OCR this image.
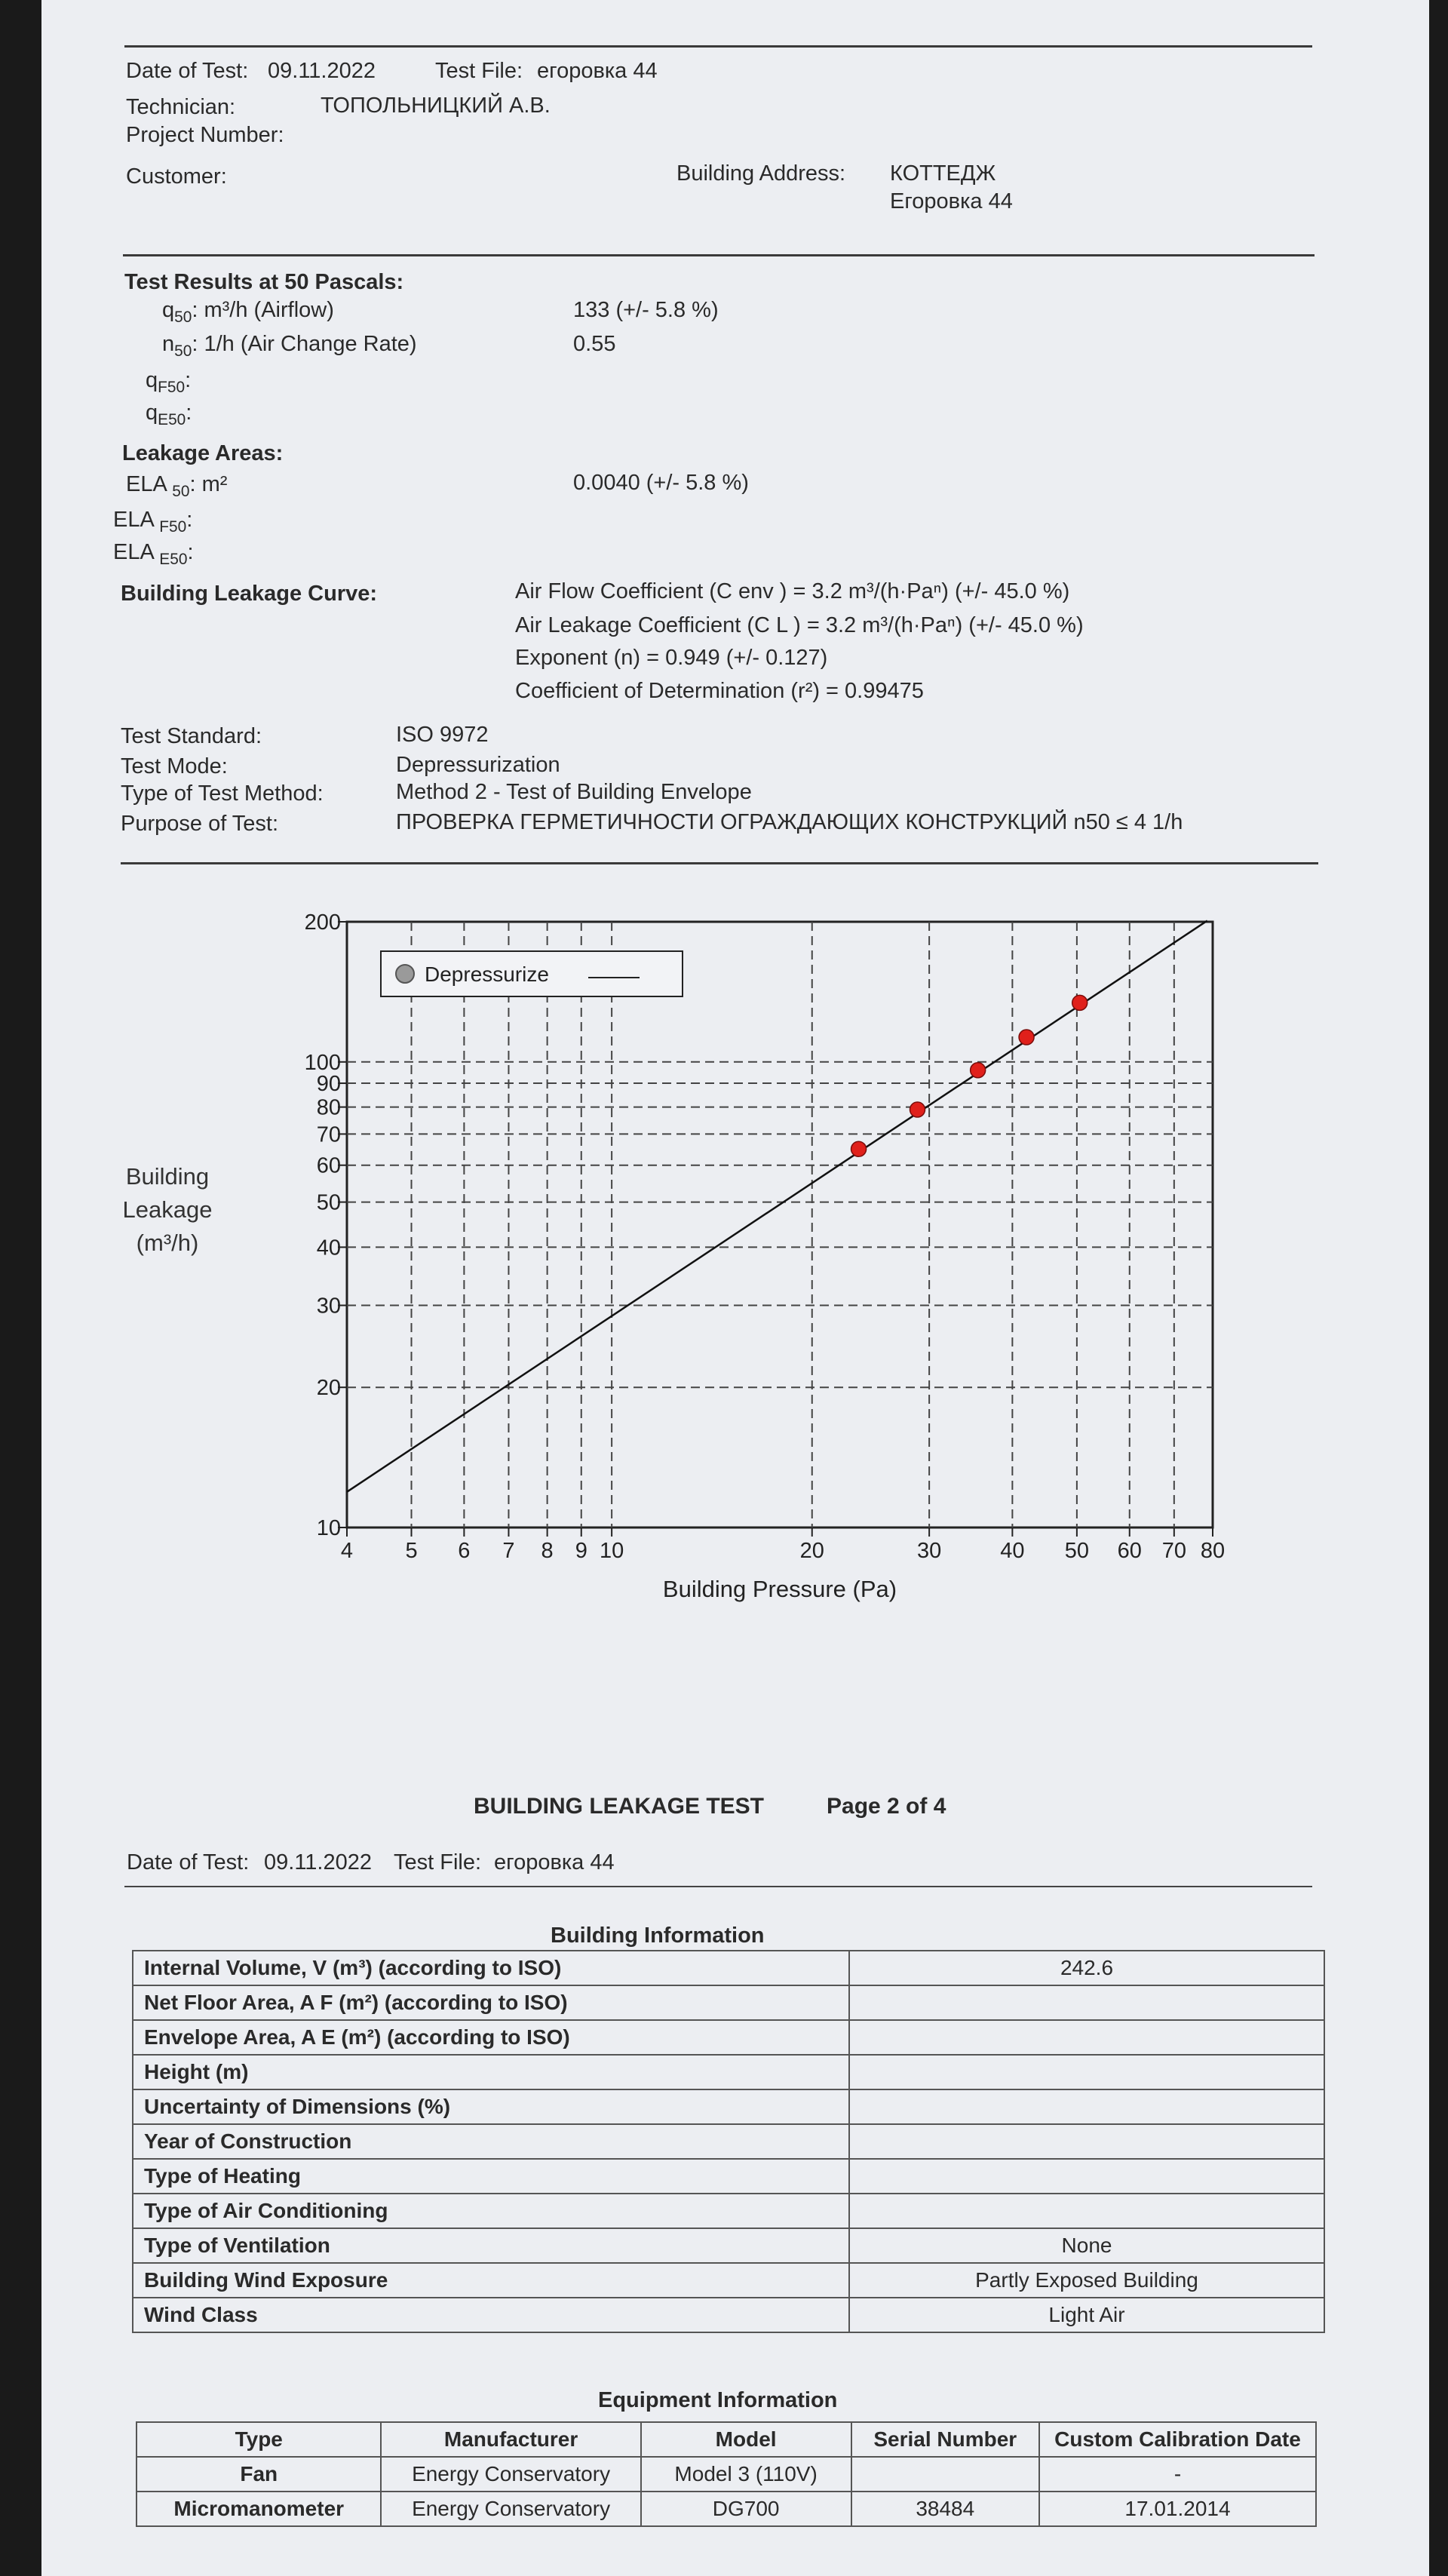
Date of Test: 09.11.2022	Test File: егоровка 44
Technician:	ТОПОЛЬНИЦКИЙ А.В.
Project Number:
Customer:	Building Address: КОТТЕДЖ
Егоровка 44
Test Results at 50 Pascals:
$q_{50}$: m³/h (Airflow)	133 (+/- 5.8 %)
$n_{50}$: 1/h (Air Change Rate)	0.55
$q_{F50}$:
$q_{E50}$:
Leakage Areas:
ELA $_{50}$: m²	0.0040 (+/- 5.8 %)
ELA $_{F50}$:
ELA $_{E50}$:
Building Leakage Curve:	Air Flow Coefficient (C env ) = 3.2 m³/(h·Paⁿ) (+/- 45.0 %)
Air Leakage Coefficient (C L ) = 3.2 m³/(h·Paⁿ) (+/- 45.0 %)
Exponent (n) = 0.949 (+/- 0.127)
Coefficient of Determination (r²) = 0.99475
Test Standard:	ISO 9972
Test Mode:	Depressurization
Type of Test Method:	Method 2 - Test of Building Envelope
Purpose of Test:	ПРОВЕРКА ГЕРМЕТИЧНОСТИ ОГРАЖДАЮЩИХ КОНСТРУКЦИЙ n50 ≤ 4 1/h
4 5 6 7 8 9 10	20	30	40 50 60 70 80
10
20
30
40
50
60
70
80
90
100
200
Depressurize
Building Pressure (Pa)
Building
Leakage
(m³/h)
BUILDING LEAKAGE TEST	Page 2 of 4
Date of Test: 09.11.2022 Test File: егоровка 44
Building Information
Internal Volume, V (m³) (according to ISO)	242.6
Net Floor Area, A F (m²) (according to ISO)	
Envelope Area, A E (m²) (according to ISO)	
Height (m)	
Uncertainty of Dimensions (%)	
Year of Construction	
Type of Heating	
Type of Air Conditioning	
Type of Ventilation	None
Building Wind Exposure	Partly Exposed Building
Wind Class	Light Air
Equipment Information
Type	Manufacturer	Model	Serial Number	Custom Calibration Date
Fan	Energy Conservatory	Model 3 (110V)		-
Micromanometer	Energy Conservatory	DG700	38484	17.01.2014
